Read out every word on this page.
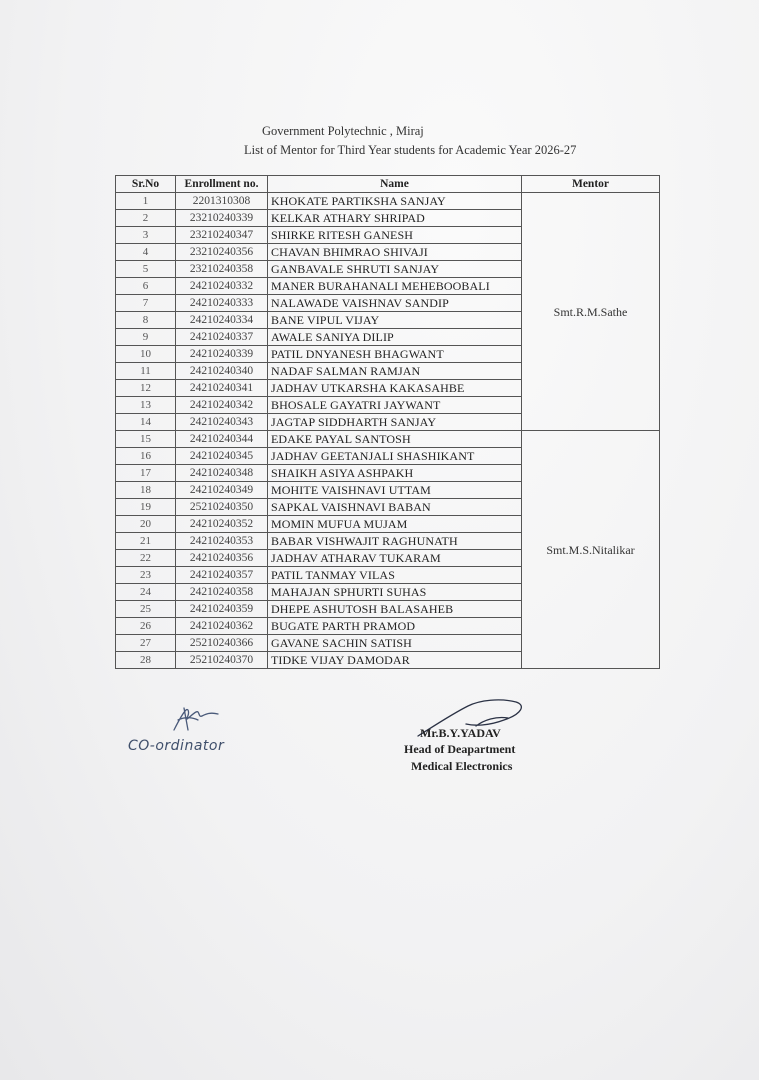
Government Polytechnic , Miraj
List of Mentor for Third Year students for Academic Year 2026-27
Sr.No	Enrollment no.	Name	Mentor
1	2201310308	KHOKATE PARTIKSHA SANJAY	Smt.R.M.Sathe
2	23210240339	KELKAR ATHARY SHRIPAD	
3	23210240347	SHIRKE RITESH GANESH	
4	23210240356	CHAVAN BHIMRAO SHIVAJI	
5	23210240358	GANBAVALE SHRUTI SANJAY	
6	24210240332	MANER BURAHANALI MEHEBOOBALI	
7	24210240333	NALAWADE VAISHNAV SANDIP	
8	24210240334	BANE VIPUL VIJAY	
9	24210240337	AWALE SANIYA DILIP	
10	24210240339	PATIL DNYANESH BHAGWANT	
11	24210240340	NADAF SALMAN RAMJAN	
12	24210240341	JADHAV UTKARSHA KAKASAHBE	
13	24210240342	BHOSALE GAYATRI JAYWANT	
14	24210240343	JAGTAP SIDDHARTH SANJAY	
15	24210240344	EDAKE PAYAL SANTOSH	Smt.M.S.Nitalikar
16	24210240345	JADHAV GEETANJALI SHASHIKANT	
17	24210240348	SHAIKH ASIYA ASHPAKH	
18	24210240349	MOHITE VAISHNAVI UTTAM	
19	25210240350	SAPKAL VAISHNAVI BABAN	
20	24210240352	MOMIN MUFUA MUJAM	
21	24210240353	BABAR VISHWAJIT RAGHUNATH	
22	24210240356	JADHAV ATHARAV TUKARAM	
23	24210240357	PATIL TANMAY VILAS	
24	24210240358	MAHAJAN SPHURTI SUHAS	
25	24210240359	DHEPE ASHUTOSH BALASAHEB	
26	24210240362	BUGATE PARTH PRAMOD	
27	25210240366	GAVANE SACHIN SATISH	
28	25210240370	TIDKE VIJAY DAMODAR	
CO-ordinator
Mr.B.Y.YADAV
Head of Deapartment
Medical Electronics
